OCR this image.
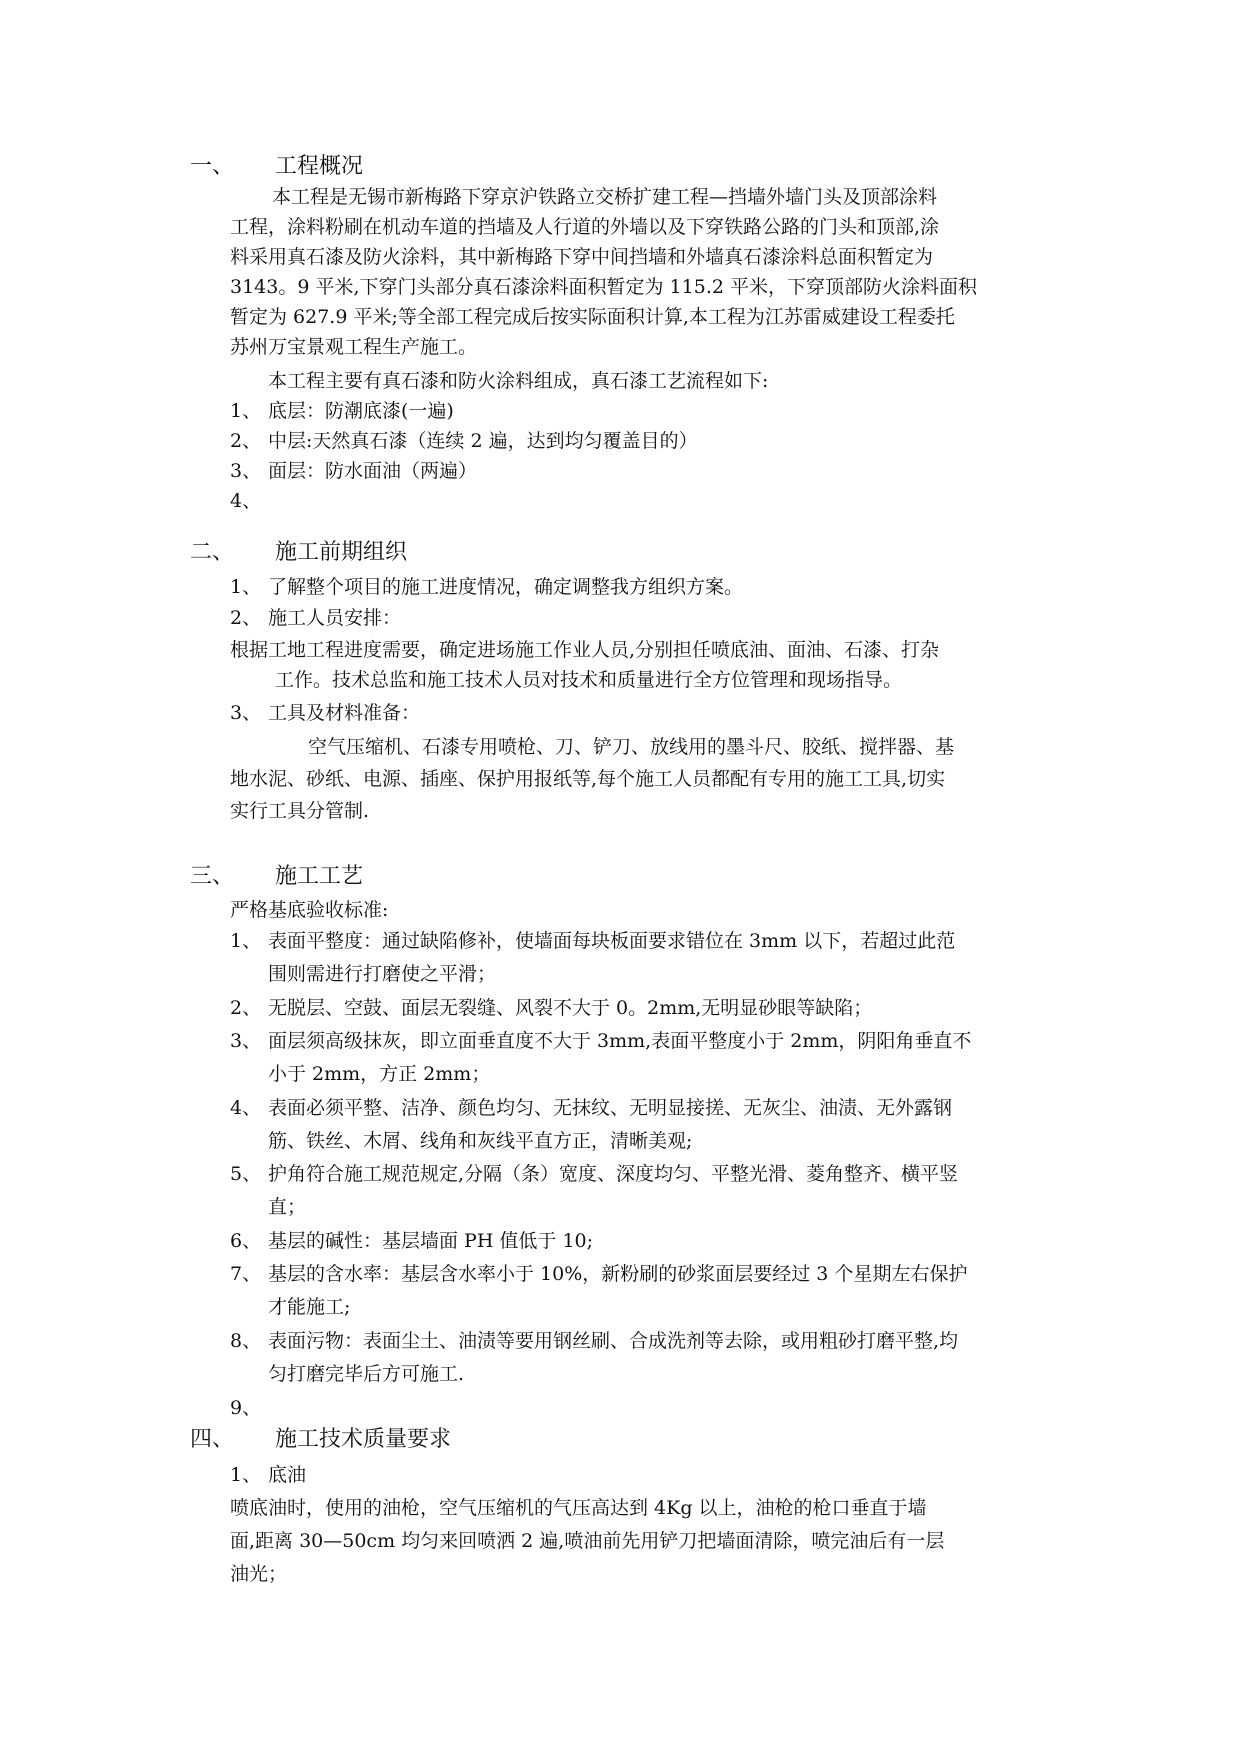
一、 工程概况
本工程是无锡市新梅路下穿京沪铁路立交桥扩建工程—挡墙外墙门头及顶部涂料
工程，涂料粉刷在机动车道的挡墙及人行道的外墙以及下穿铁路公路的门头和顶部,涂
料采用真石漆及防火涂料，其中新梅路下穿中间挡墙和外墙真石漆涂料总面积暂定为
3143。9 平米,下穿门头部分真石漆涂料面积暂定为 115.2 平米，下穿顶部防火涂料面积
暂定为 627.9 平米;等全部工程完成后按实际面积计算,本工程为江苏雷威建设工程委托
苏州万宝景观工程生产施工。
本工程主要有真石漆和防火涂料组成，真石漆工艺流程如下:
1、 底层：防潮底漆(一遍)
2、 中层:天然真石漆（连续 2 遍，达到均匀覆盖目的）
3、 面层：防水面油（两遍）
4、
二、 施工前期组织
1、 了解整个项目的施工进度情况，确定调整我方组织方案。
2、 施工人员安排：
根据工地工程进度需要，确定进场施工作业人员,分别担任喷底油、面油、石漆、打杂
工作。技术总监和施工技术人员对技术和质量进行全方位管理和现场指导。
3、 工具及材料准备：
空气压缩机、石漆专用喷枪、刀、铲刀、放线用的墨斗尺、胶纸、搅拌器、基
地水泥、砂纸、电源、插座、保护用报纸等,每个施工人员都配有专用的施工工具,切实
实行工具分管制.
三、 施工工艺
严格基底验收标准:
1、 表面平整度：通过缺陷修补，使墙面每块板面要求错位在 3mm 以下，若超过此范
围则需进行打磨使之平滑；
2、 无脱层、空鼓、面层无裂缝、风裂不大于 0。2mm,无明显砂眼等缺陷；
3、 面层须高级抹灰，即立面垂直度不大于 3mm,表面平整度小于 2mm，阴阳角垂直不
小于 2mm，方正 2mm；
4、 表面必须平整、洁净、颜色均匀、无抹纹、无明显接搓、无灰尘、油渍、无外露钢
筋、铁丝、木屑、线角和灰线平直方正，清晰美观;
5、 护角符合施工规范规定,分隔（条）宽度、深度均匀、平整光滑、菱角整齐、横平竖
直；
6、 基层的碱性：基层墙面 PH 值低于 10;
7、 基层的含水率：基层含水率小于 10%，新粉刷的砂浆面层要经过 3 个星期左右保护
才能施工;
8、 表面污物：表面尘土、油渍等要用钢丝刷、合成洗剂等去除，或用粗砂打磨平整,均
匀打磨完毕后方可施工.
9、
四、 施工技术质量要求
1、 底油
喷底油时，使用的油枪，空气压缩机的气压高达到 4Kg 以上，油枪的枪口垂直于墙
面,距离 30—50cm 均匀来回喷洒 2 遍,喷油前先用铲刀把墙面清除，喷完油后有一层
油光；
